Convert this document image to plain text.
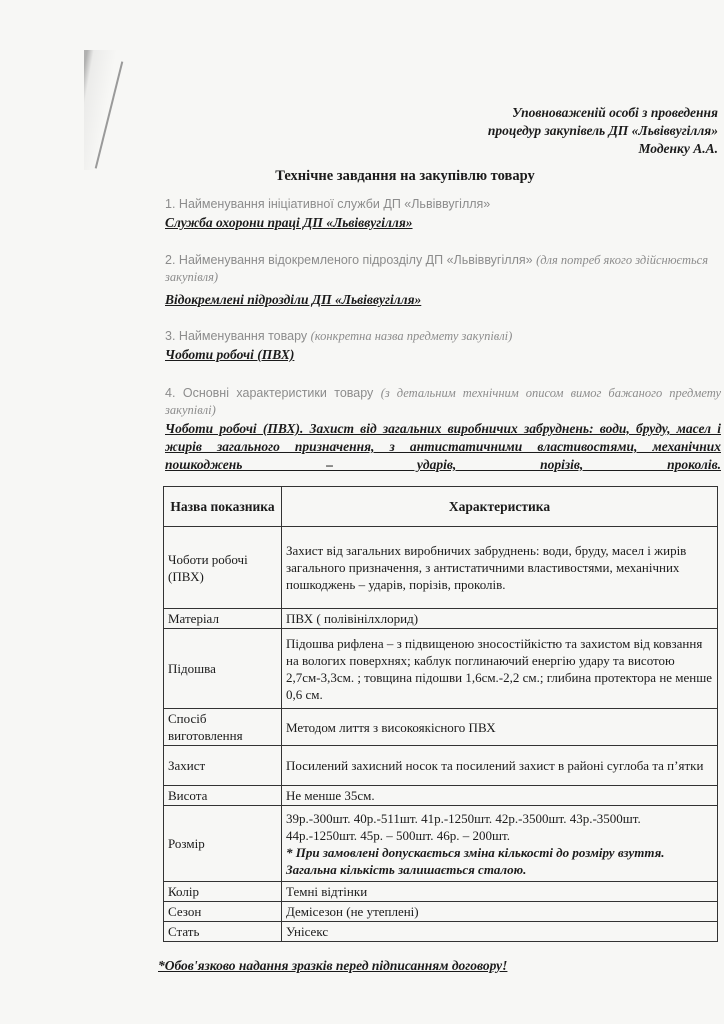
Уповноваженій особі з проведення
процедур закупівель ДП «Львіввугілля»
Моденку А.А.
Технічне завдання на закупівлю товару
1. Найменування ініціативної служби ДП «Львіввугілля»
Служба охорони праці ДП «Львіввугілля»
2. Найменування відокремленого підрозділу ДП «Львіввугілля» (для потреб якого здійснюється закупівля)
Відокремлені підрозділи ДП «Львіввугілля»
3. Найменування товару (конкретна назва предмету закупівлі)
Чоботи робочі (ПВХ)
4. Основні характеристики товару (з детальним технічним описом вимог бажаного предмету закупівлі)
Чоботи робочі (ПВХ). Захист від загальних виробничих забруднень: води, бруду, масел і жирів загального призначення, з антистатичними властивостями, механічних пошкоджень – ударів, порізів, проколів.
Назва показника	Характеристика
Чоботи робочі (ПВХ)	Захист від загальних виробничих забруднень: води, бруду, масел і жирів загального призначення, з антистатичними властивостями, механічних пошкоджень – ударів, порізів, проколів.
Матеріал	ПВХ ( полівінілхлорид)
Підошва	Підошва рифлена – з підвищеною зносостійкістю та захистом від ковзання на вологих поверхнях; каблук поглинаючий енергію удару та висотою 2,7см-3,3см. ; товщина підошви 1,6см.-2,2 см.; глибина протектора не менше 0,6 см.
Спосіб виготовлення	Методом лиття з високоякісного ПВХ
Захист	Посилений захисний носок та посилений захист в районі суглоба та п’ятки
Висота	Не менше 35см.
Розмір	39р.-300шт. 40р.-511шт. 41р.-1250шт. 42р.-3500шт. 43р.-3500шт. 44р.-1250шт. 45р. – 500шт. 46р. – 200шт.
* При замовлені допускається зміна кількості до розміру взуття. Загальна кількість залишається сталою.

Колір	Темні відтінки
Сезон	Демісезон (не утеплені)
Стать	Унісекс
*Обов'язково надання зразків перед підписанням договору!
